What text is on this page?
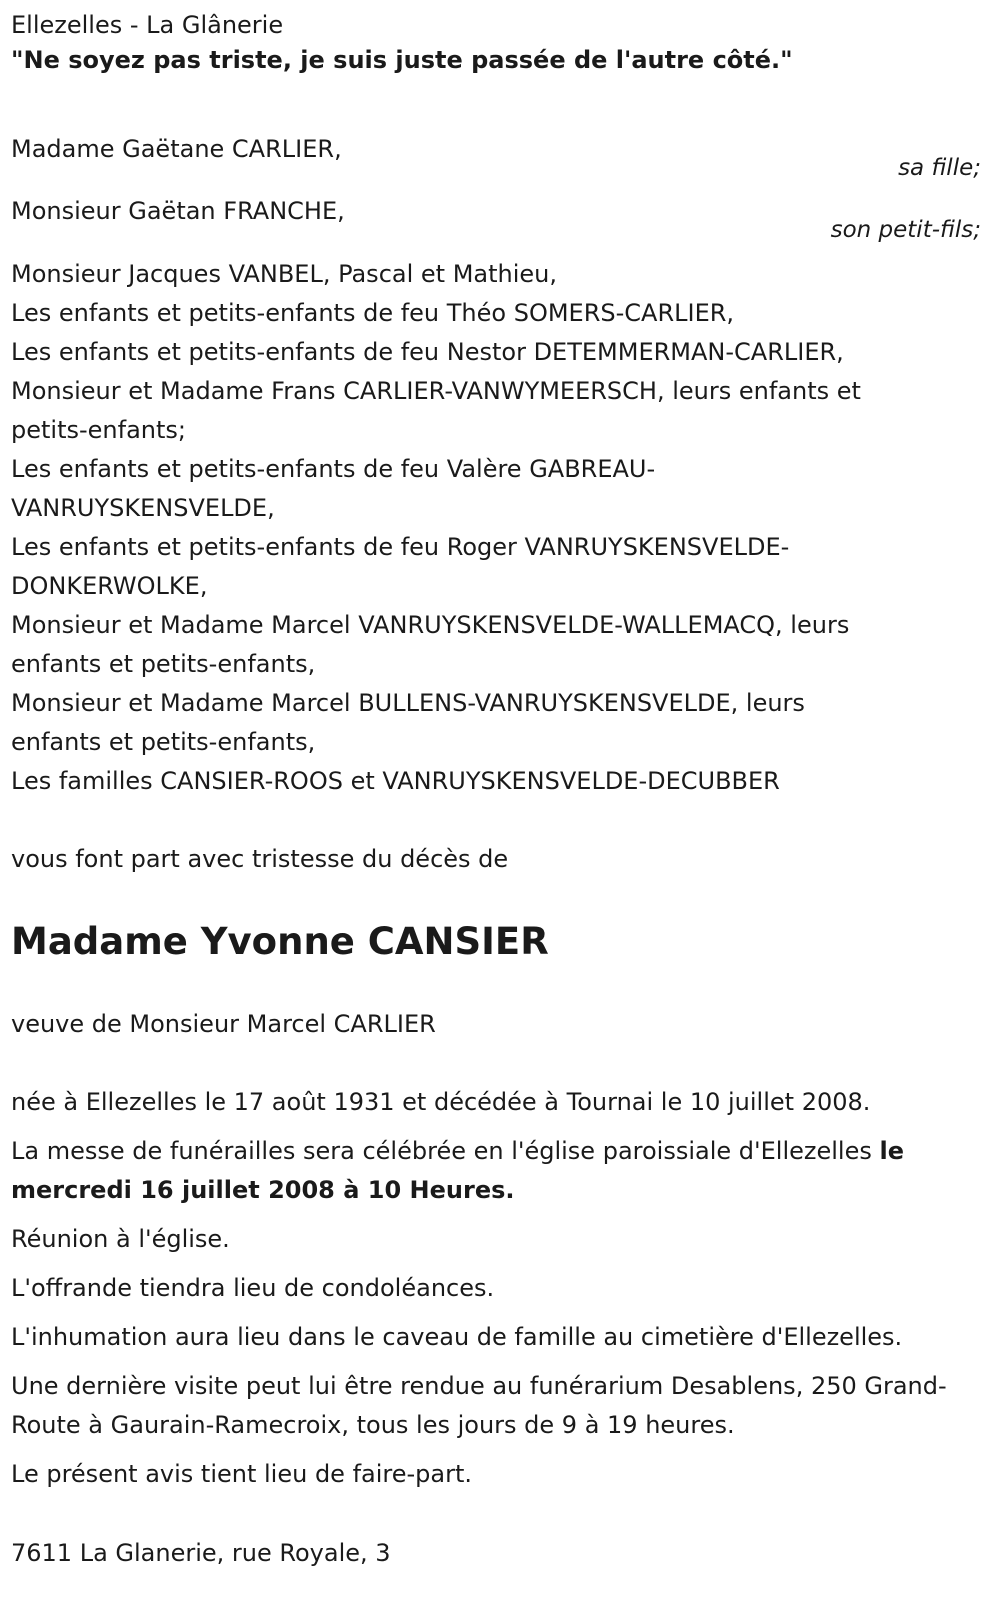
Ellezelles - La Glânerie
"Ne soyez pas triste, je suis juste passée de l'autre côté."
Madame Gaëtane CARLIER,
sa fille;
Monsieur Gaëtan FRANCHE,
son petit-fils;
Monsieur Jacques VANBEL, Pascal et Mathieu,
Les enfants et petits-enfants de feu Théo SOMERS-CARLIER,
Les enfants et petits-enfants de feu Nestor DETEMMERMAN-CARLIER,
Monsieur et Madame Frans CARLIER-VANWYMEERSCH, leurs enfants et
petits-enfants;
Les enfants et petits-enfants de feu Valère GABREAU-
VANRUYSKENSVELDE,
Les enfants et petits-enfants de feu Roger VANRUYSKENSVELDE-
DONKERWOLKE,
Monsieur et Madame Marcel VANRUYSKENSVELDE-WALLEMACQ, leurs
enfants et petits-enfants,
Monsieur et Madame Marcel BULLENS-VANRUYSKENSVELDE, leurs
enfants et petits-enfants,
Les familles CANSIER-ROOS et VANRUYSKENSVELDE-DECUBBER
vous font part avec tristesse du décès de
Madame Yvonne CANSIER
veuve de Monsieur Marcel CARLIER
née à Ellezelles le 17 août 1931 et décédée à Tournai le 10 juillet 2008.
La messe de funérailles sera célébrée en l'église paroissiale d'Ellezelles le mercredi 16 juillet 2008 à 10 Heures.
Réunion à l'église.
L'offrande tiendra lieu de condoléances.
L'inhumation aura lieu dans le caveau de famille au cimetière d'Ellezelles.
Une dernière visite peut lui être rendue au funérarium Desablens, 250 Grand-Route à Gaurain-Ramecroix, tous les jours de 9 à 19 heures.
Le présent avis tient lieu de faire-part.
7611 La Glanerie, rue Royale, 3
